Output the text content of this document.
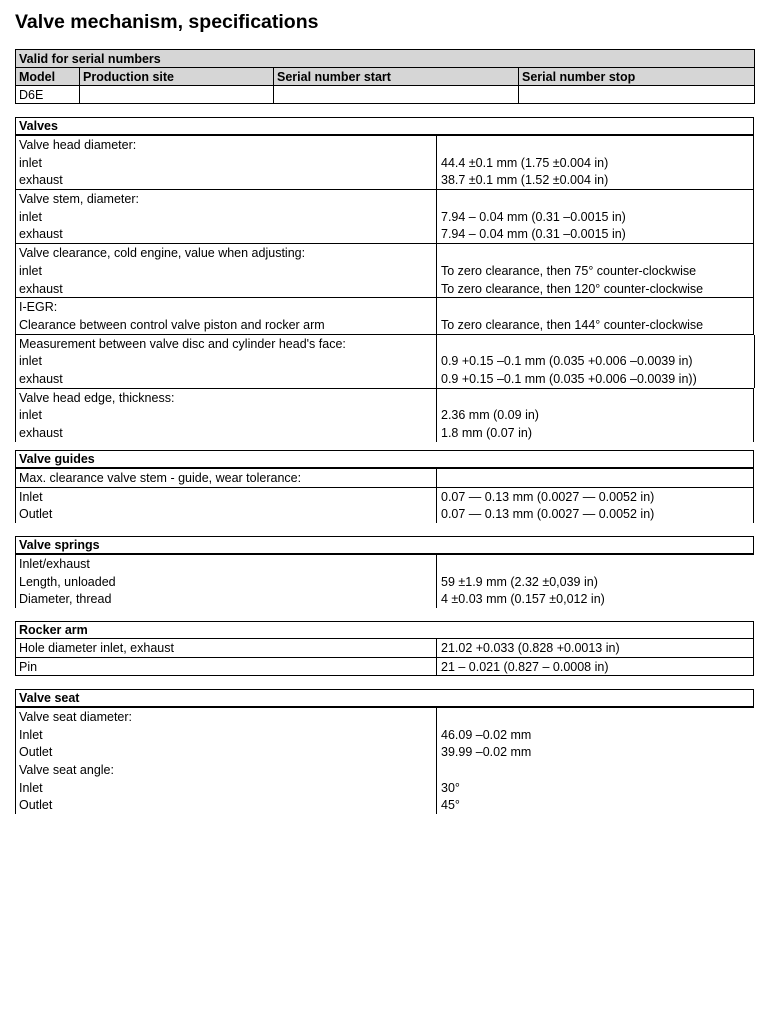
Valve mechanism, specifications
Valid for serial numbers
Model	Production site	Serial number start	Serial number stop
D6E
Valves
Valve head diameter:
inlet	44.4 ±0.1 mm (1.75 ±0.004 in)
exhaust	38.7 ±0.1 mm (1.52 ±0.004 in)
Valve stem, diameter:
inlet	7.94 – 0.04 mm (0.31 –0.0015 in)
exhaust	7.94 – 0.04 mm (0.31 –0.0015 in)
Valve clearance, cold engine, value when adjusting:
inlet	To zero clearance, then 75° counter-clockwise
exhaust	To zero clearance, then 120° counter-clockwise
I-EGR:
Clearance between control valve piston and rocker arm	To zero clearance, then 144° counter-clockwise
Measurement between valve disc and cylinder head's face:
inlet	0.9 +0.15 –0.1 mm (0.035 +0.006 –0.0039 in)
exhaust	0.9 +0.15 –0.1 mm (0.035 +0.006 –0.0039 in))
Valve head edge, thickness:
inlet	2.36 mm (0.09 in)
exhaust	1.8 mm (0.07 in)
Valve guides
Max. clearance valve stem - guide, wear tolerance:
Inlet	0.07 — 0.13 mm (0.0027 — 0.0052 in)
Outlet	0.07 — 0.13 mm (0.0027 — 0.0052 in)
Valve springs
Inlet/exhaust
Length, unloaded	59 ±1.9 mm (2.32 ±0,039 in)
Diameter, thread	4 ±0.03 mm (0.157 ±0,012 in)
Rocker arm
Hole diameter inlet, exhaust	21.02 +0.033 (0.828 +0.0013 in)
Pin	21 – 0.021 (0.827 – 0.0008 in)
Valve seat
Valve seat diameter:
Inlet	46.09 –0.02 mm
Outlet	39.99 –0.02 mm
Valve seat angle:
Inlet	30°
Outlet	45°
